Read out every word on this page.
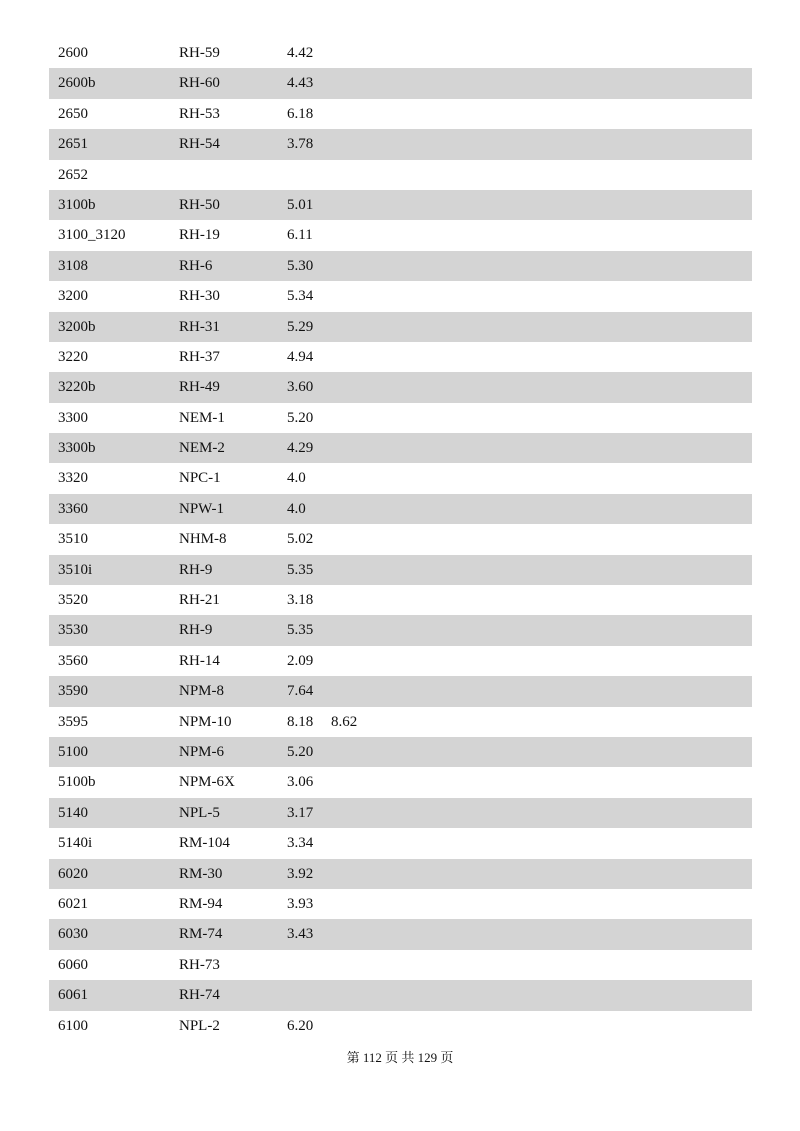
2600	RH-59	4.42
2600b	RH-60	4.43
2650	RH-53	6.18
2651	RH-54	3.78
2652
3100b	RH-50	5.01
3100_3120	RH-19	6.11
3108	RH-6	5.30
3200	RH-30	5.34
3200b	RH-31	5.29
3220	RH-37	4.94
3220b	RH-49	3.60
3300	NEM-1	5.20
3300b	NEM-2	4.29
3320	NPC-1	4.0
3360	NPW-1	4.0
3510	NHM-8	5.02
3510i	RH-9	5.35
3520	RH-21	3.18
3530	RH-9	5.35
3560	RH-14	2.09
3590	NPM-8	7.64
3595	NPM-10	8.18 8.62
5100	NPM-6	5.20
5100b	NPM-6X	3.06
5140	NPL-5	3.17
5140i	RM-104	3.34
6020	RM-30	3.92
6021	RM-94	3.93
6030	RM-74	3.43
6060	RH-73
6061	RH-74
6100	NPL-2	6.20
第 112 页 共 129 页
